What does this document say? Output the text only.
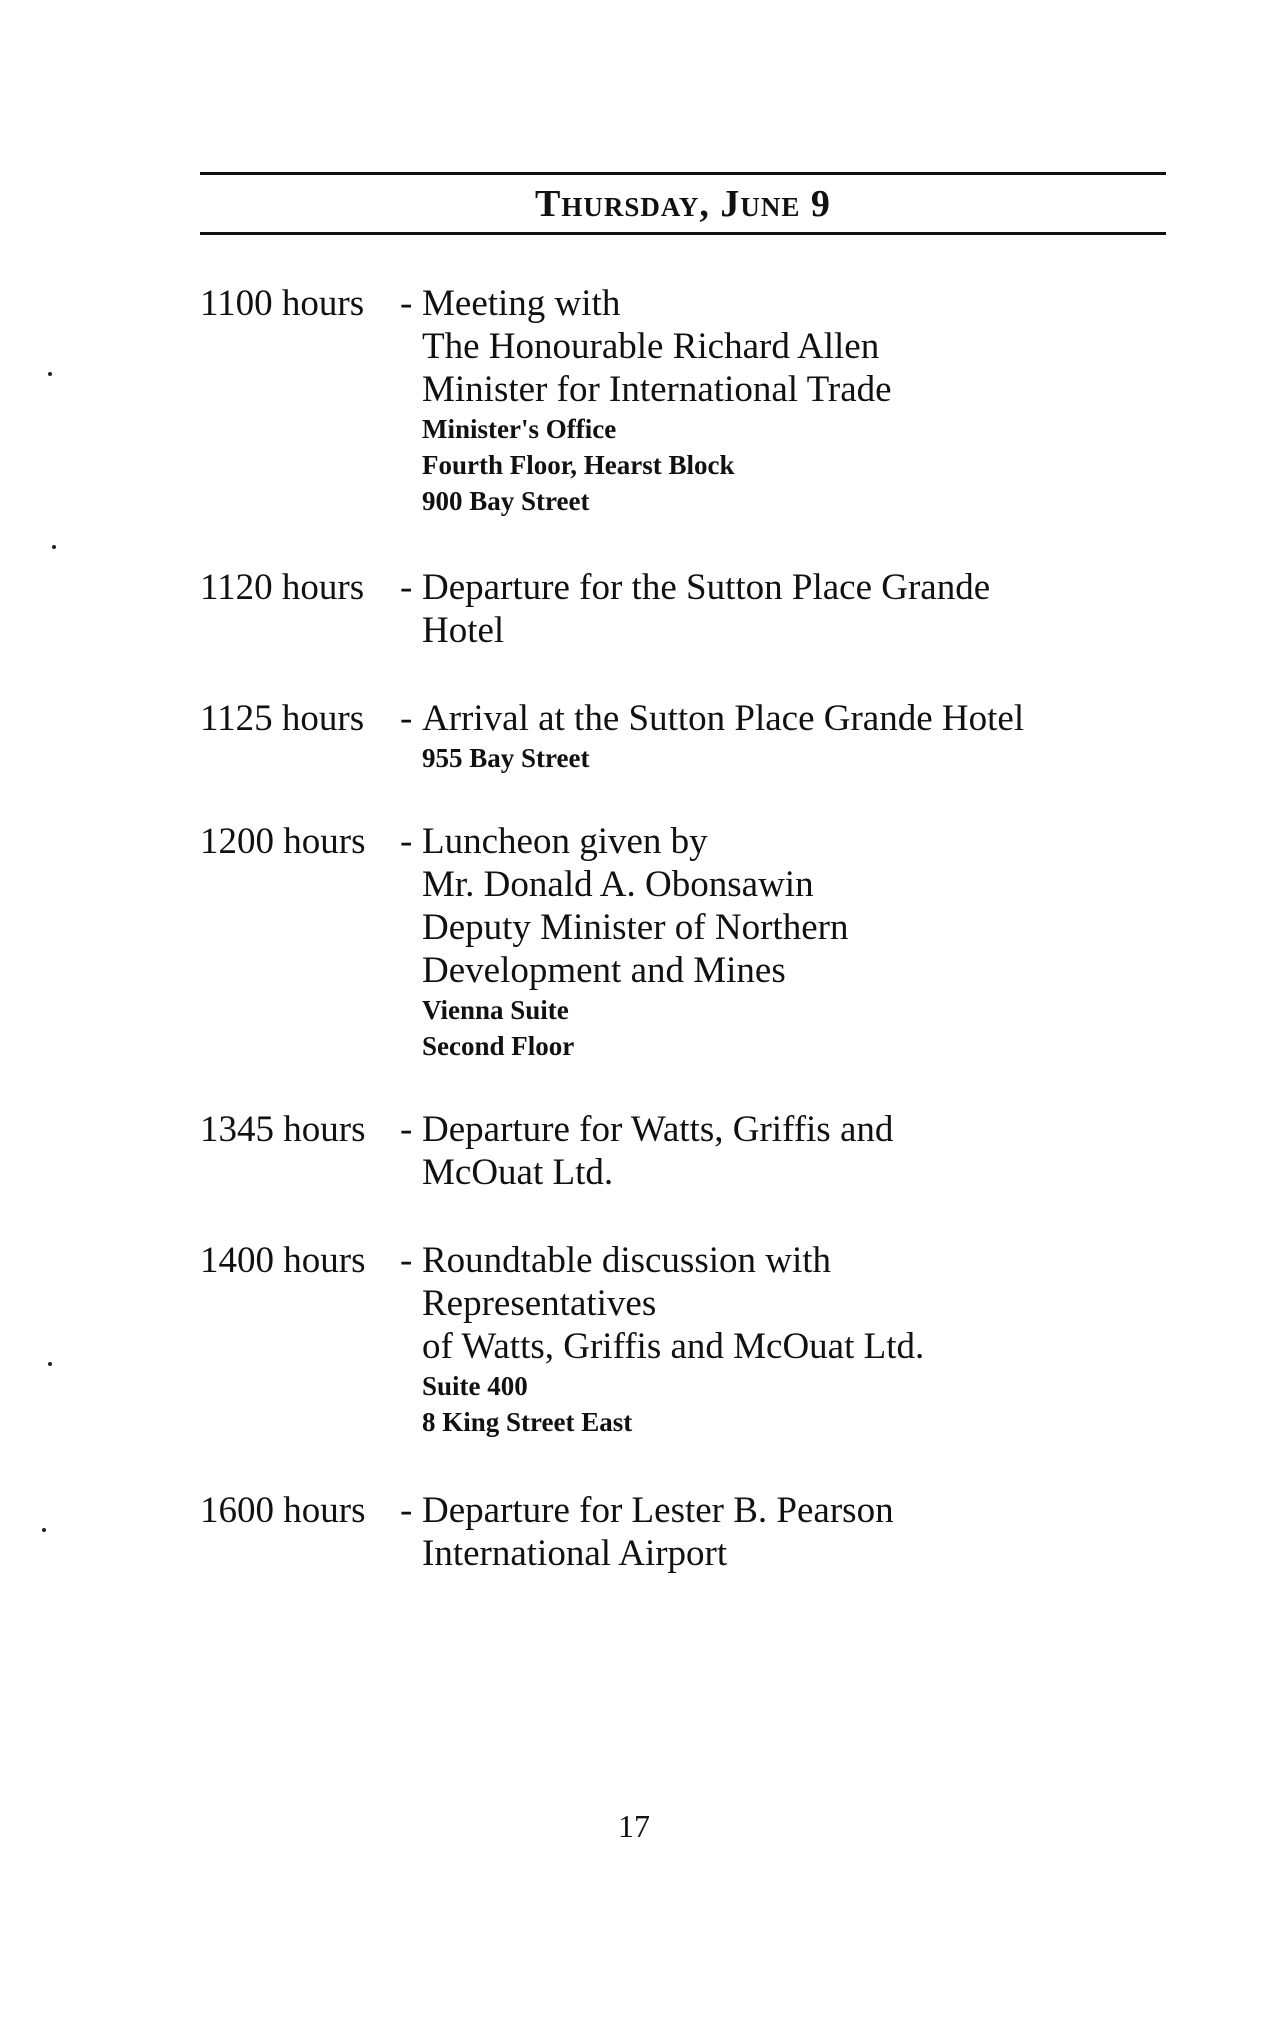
Thursday, June 9
1100 hours - Meeting with
The Honourable Richard Allen
Minister for International Trade
Minister's Office
Fourth Floor, Hearst Block
900 Bay Street
1120 hours - Departure for the Sutton Place Grande
Hotel
1125 hours - Arrival at the Sutton Place Grande Hotel
955 Bay Street
1200 hours - Luncheon given by
Mr. Donald A. Obonsawin
Deputy Minister of Northern
Development and Mines
Vienna Suite
Second Floor
1345 hours - Departure for Watts, Griffis and
McOuat Ltd.
1400 hours - Roundtable discussion with
Representatives
of Watts, Griffis and McOuat Ltd.
Suite 400
8 King Street East
1600 hours - Departure for Lester B. Pearson
International Airport
17
